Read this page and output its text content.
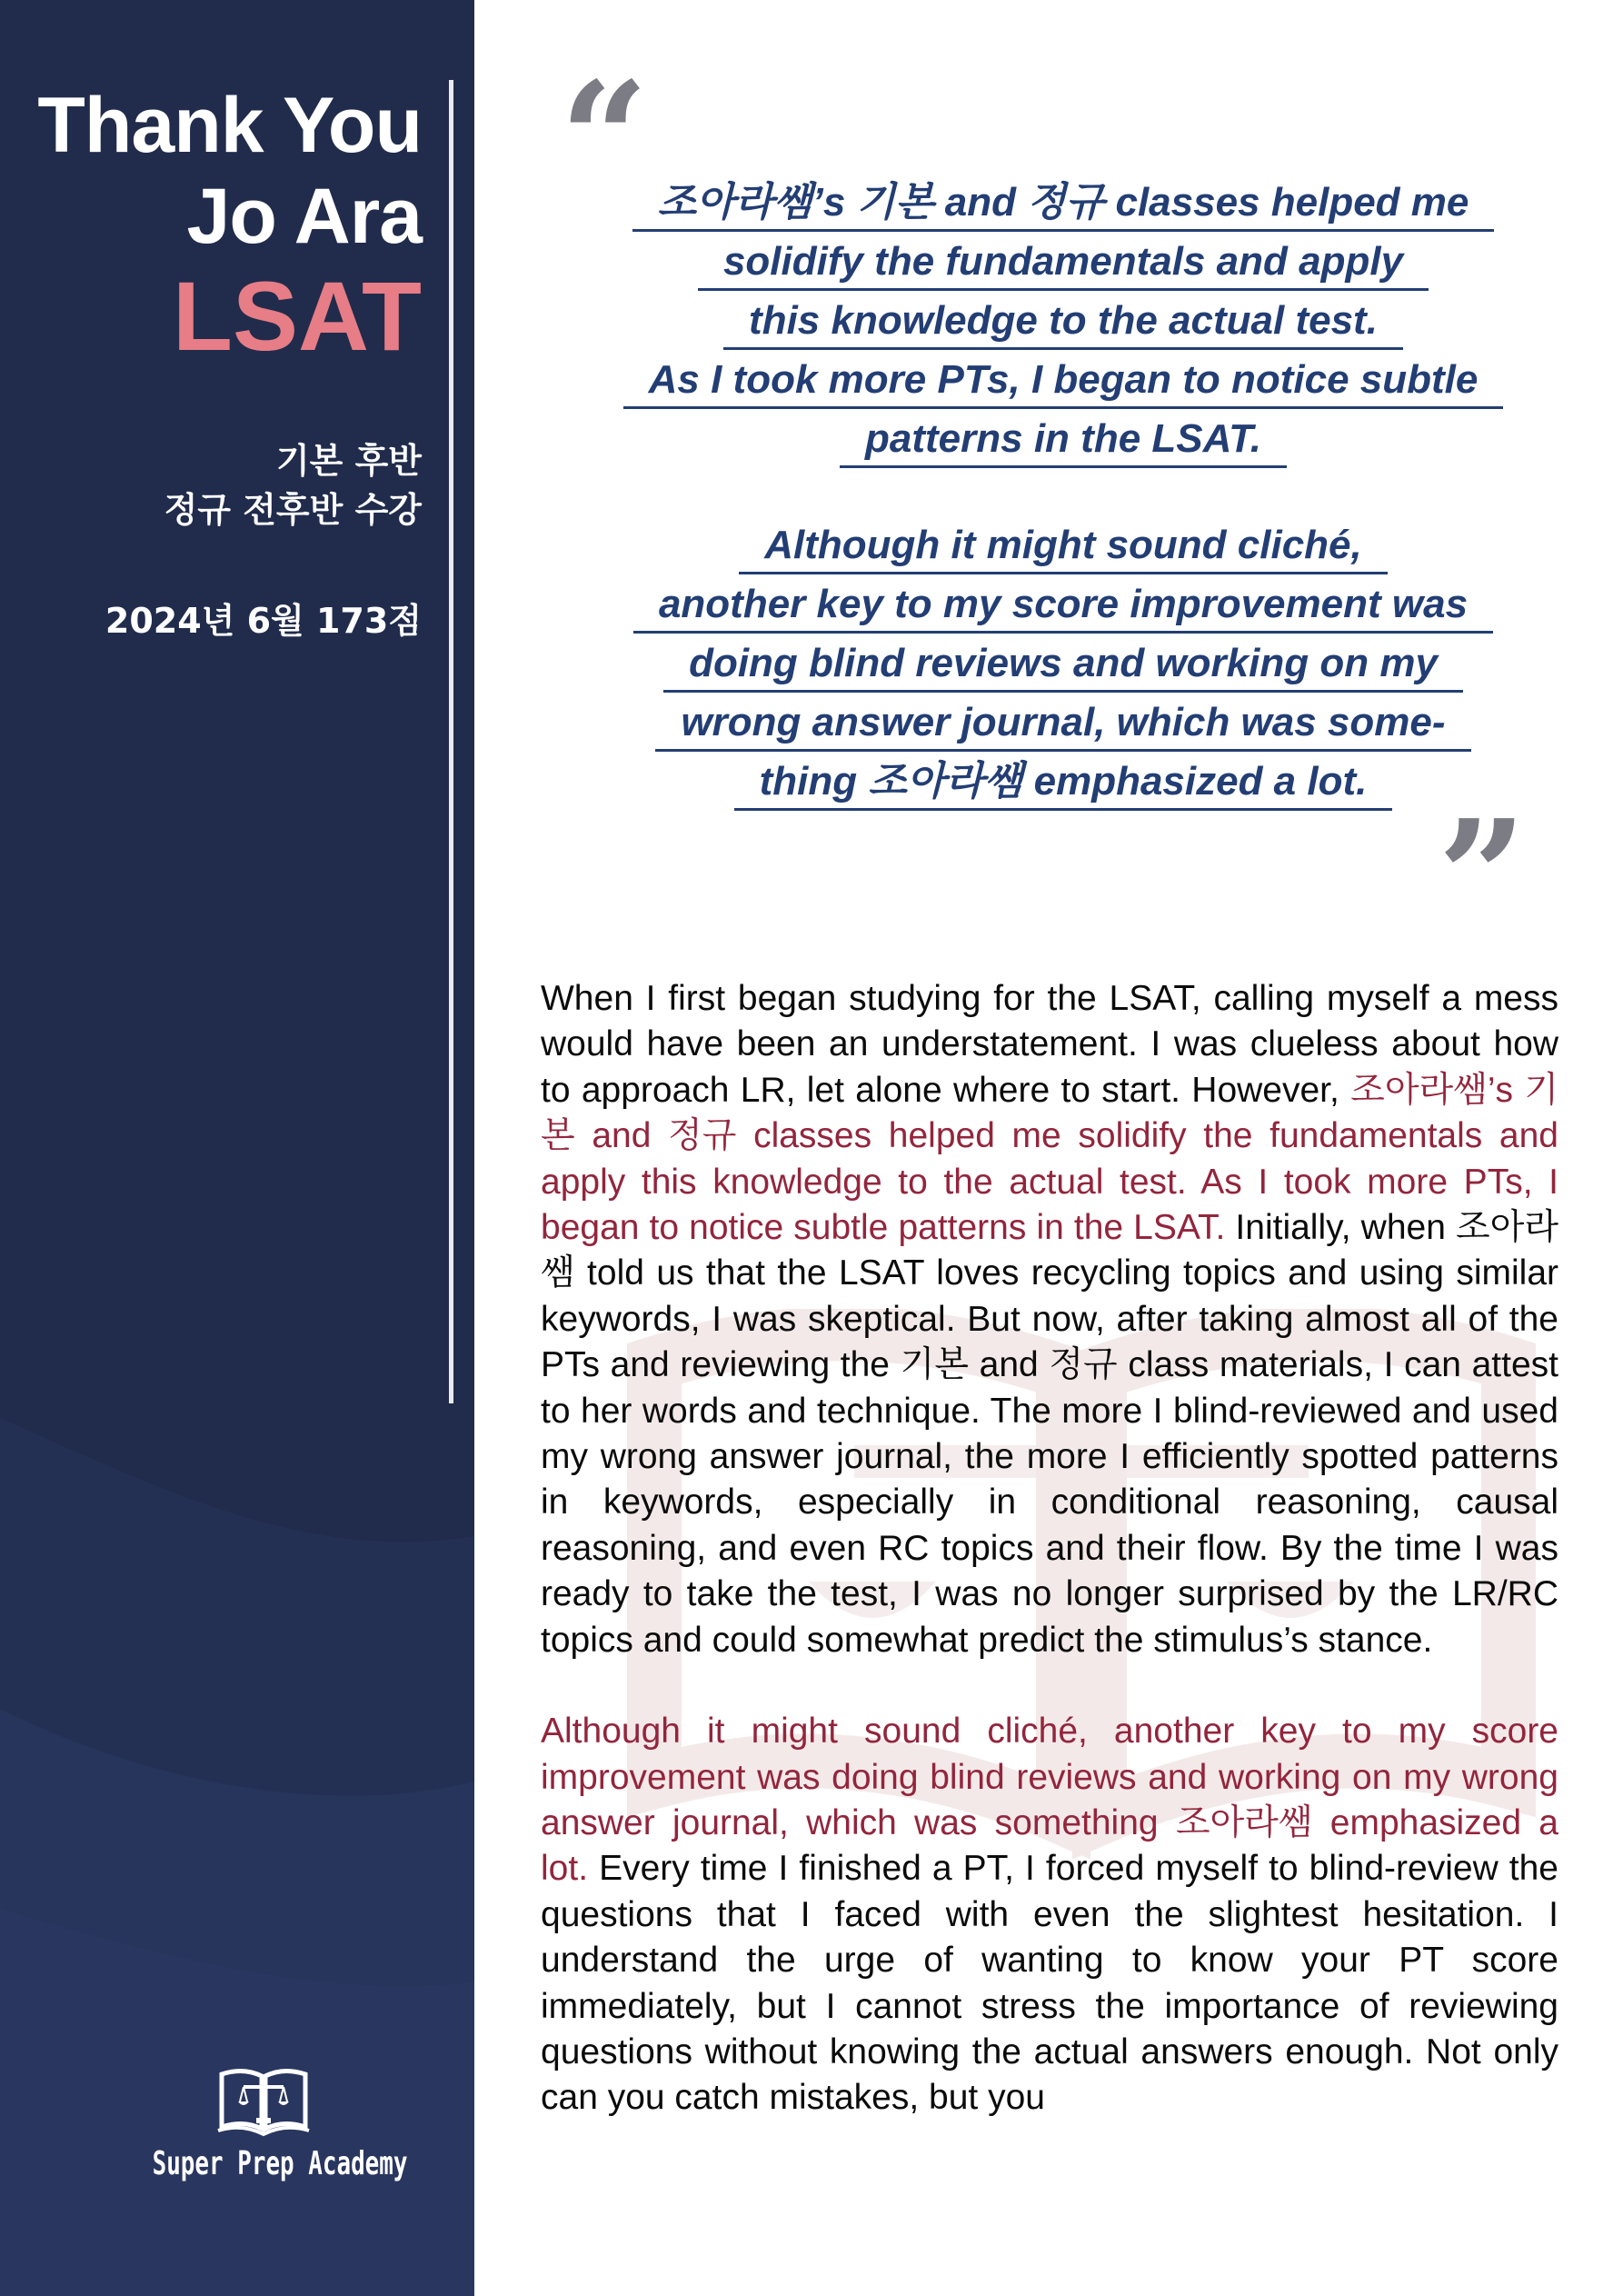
Thank You
Jo Ara
LSAT
기본 후반
정규 전후반 수강
2024년 6월 173점
Super Prep Academy
“ 조아라쌤’s 기본 and 정규 classes helped me
solidify the fundamentals and apply
this knowledge to the actual test.
As I took more PTs, I began to notice subtle
patterns in the LSAT.
Although it might sound cliché,
another key to my score improvement was
doing blind reviews and working on my
wrong answer journal, which was some-
thing 조아라쌤 emphasized a lot.
”

When I first began studying for the LSAT, calling myself a mess would have been an understatement. I was clueless about how to approach LR, let alone where to start. However, 조아라쌤’s 기본 and 정규 classes helped me solidify the fundamentals and apply this knowledge to the actual test. As I took more PTs, I began to notice subtle patterns in the LSAT. Initially, when 조아라쌤 told us that the LSAT loves recycling topics and using similar keywords, I was skeptical. But now, after taking almost all of the PTs and reviewing the 기본 and 정규 class materials, I can attest to her words and technique. The more I blind-reviewed and used my wrong answer journal, the more I efficiently spotted patterns in keywords, especially in conditional reasoning, causal reasoning, and even RC topics and their flow. By the time I was ready to take the test, I was no longer surprised by the LR/RC topics and could somewhat predict the stimulus’s stance.

Although it might sound cliché, another key to my score improvement was doing blind reviews and working on my wrong answer journal, which was something 조아라쌤 emphasized a lot. Every time I finished a PT, I forced myself to blind-review the questions that I faced with even the slightest hesitation. I understand the urge of wanting to know your PT score immediately, but I cannot stress the importance of reviewing questions without knowing the actual answers enough. Not only can you catch mistakes, but you
